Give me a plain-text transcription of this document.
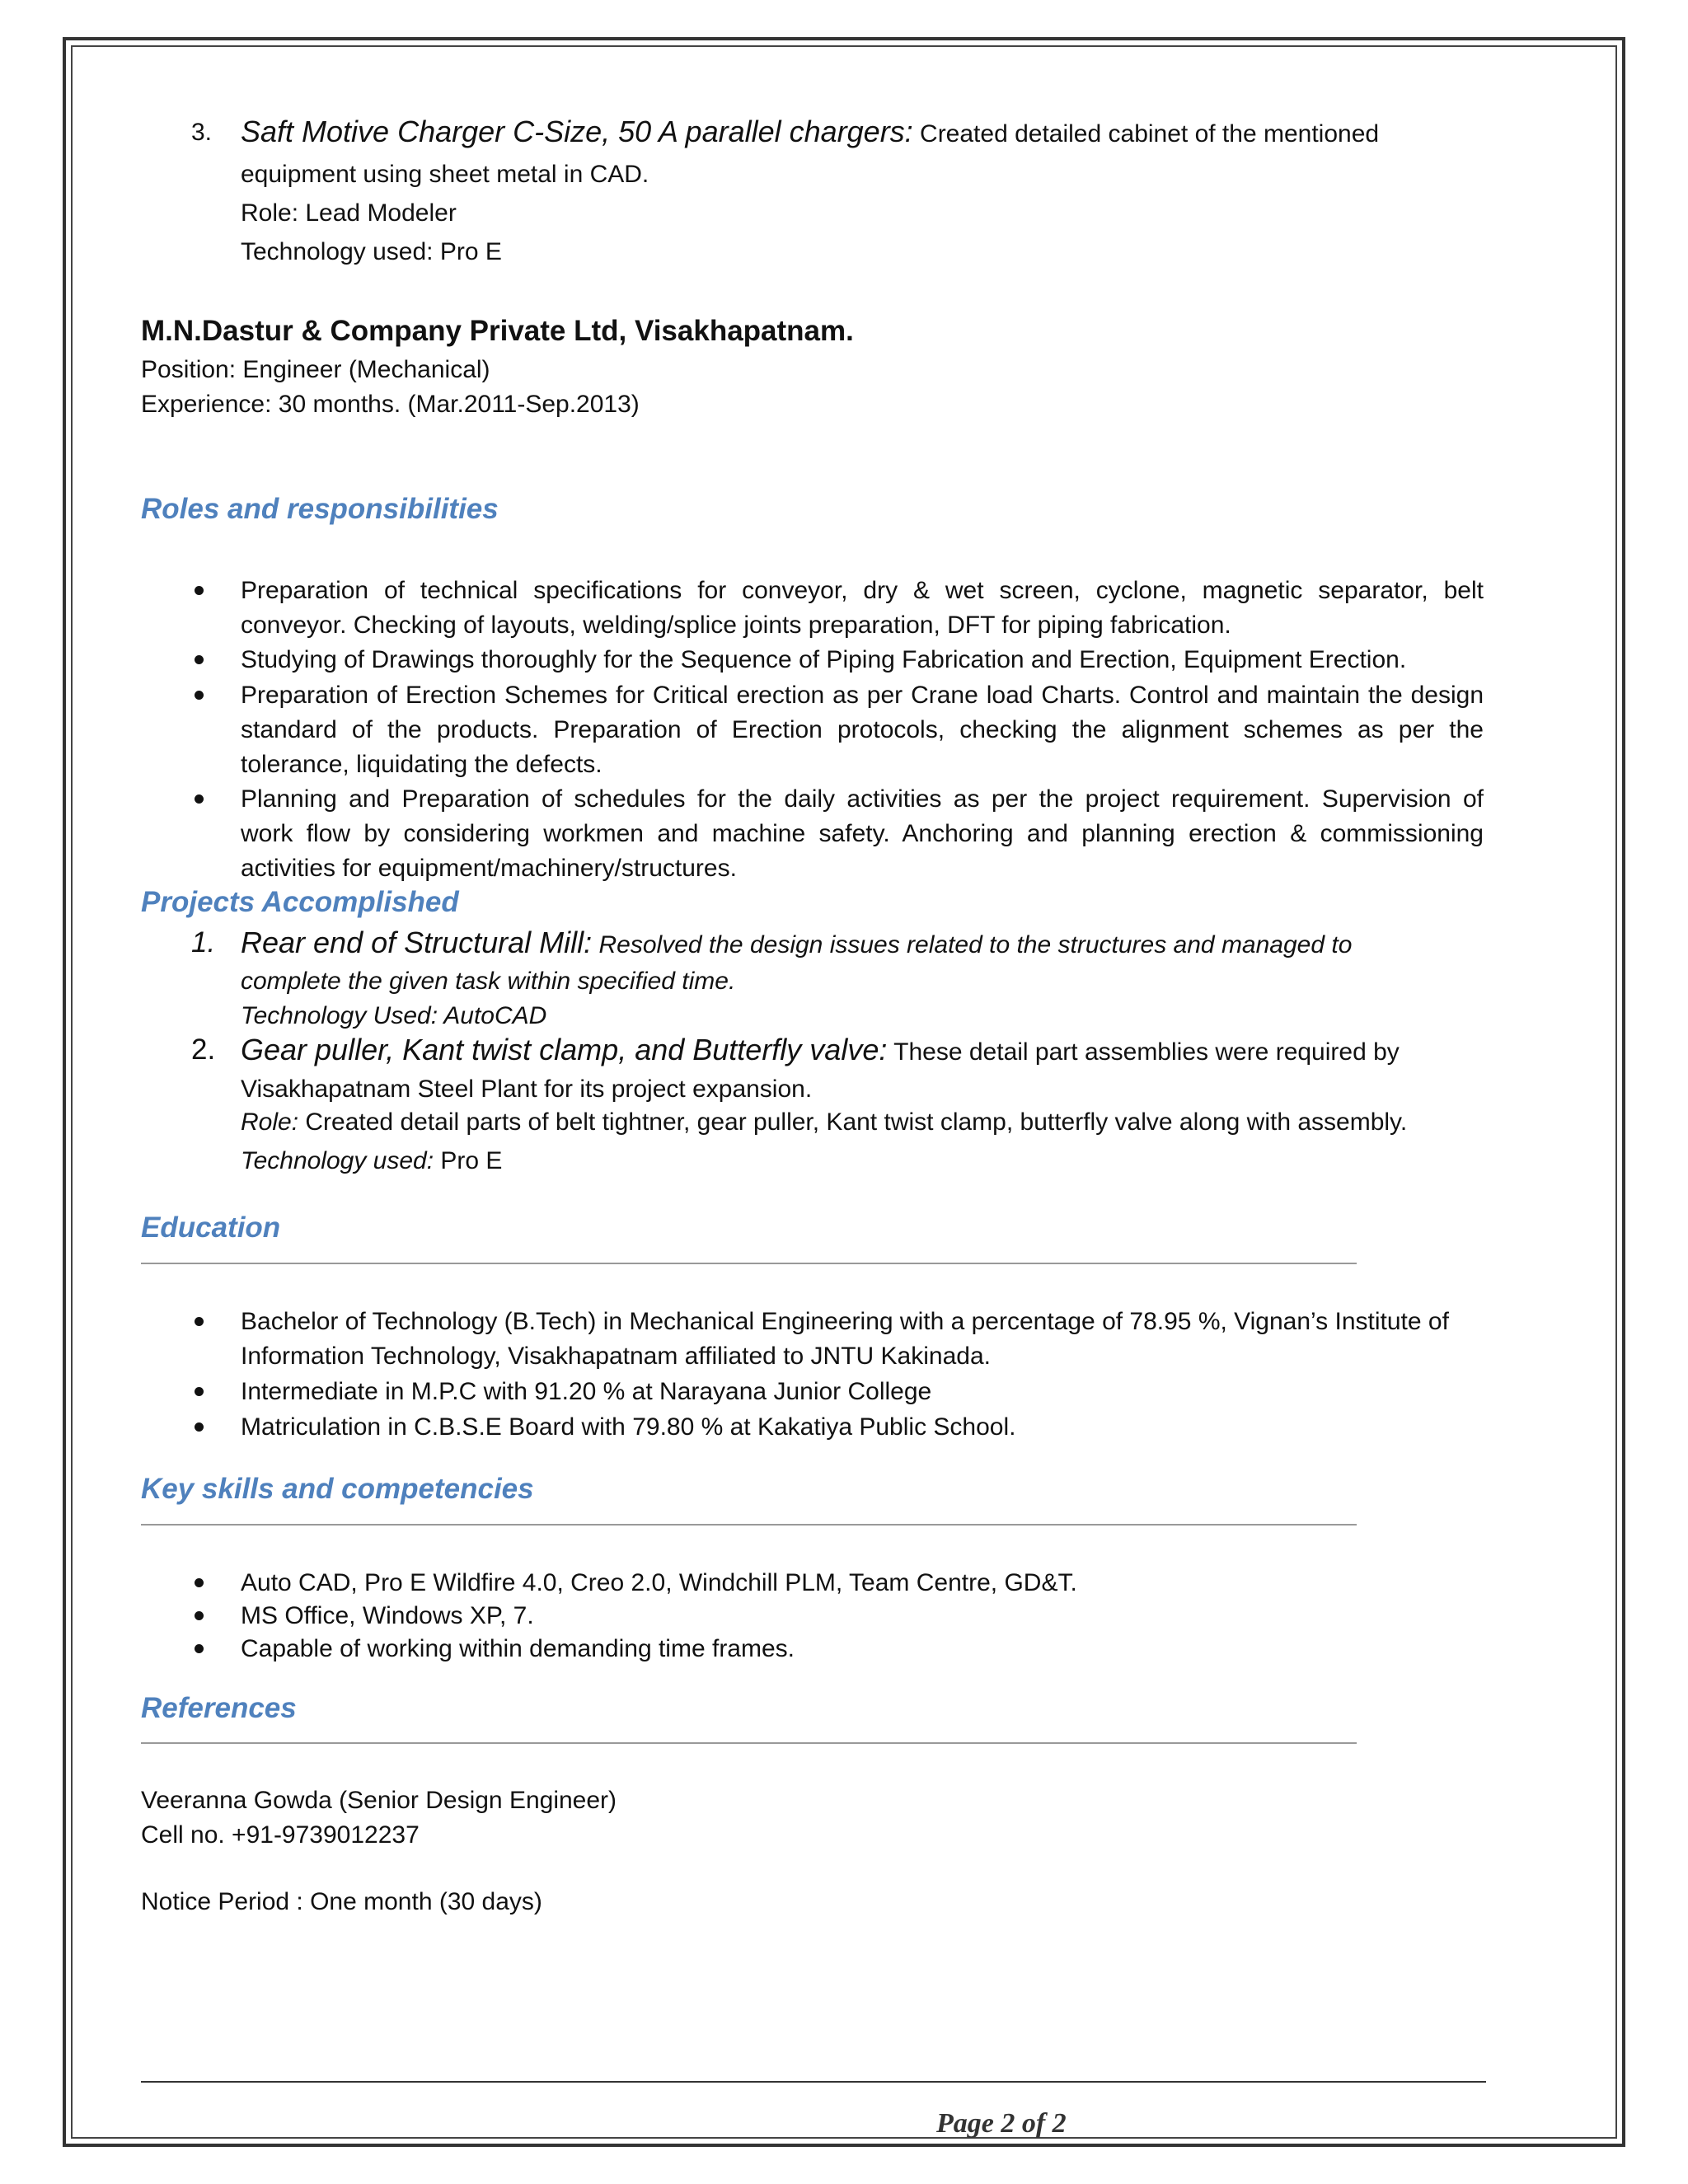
3. Saft Motive Charger C-Size, 50 A parallel chargers: Created detailed cabinet of the mentioned
equipment using sheet metal in CAD.
Role: Lead Modeler
Technology used: Pro E
M.N.Dastur & Company Private Ltd, Visakhapatnam.
Position: Engineer (Mechanical)
Experience: 30 months. (Mar.2011-Sep.2013)
Roles and responsibilities
Preparation of technical specifications for conveyor, dry & wet screen, cyclone, magnetic separator, belt
conveyor. Checking of layouts, welding/splice joints preparation, DFT for piping fabrication.
Studying of Drawings thoroughly for the Sequence of Piping Fabrication and Erection, Equipment Erection.
Preparation of Erection Schemes for Critical erection as per Crane load Charts. Control and maintain the design
standard of the products. Preparation of Erection protocols, checking the alignment schemes as per the
tolerance, liquidating the defects.
Planning and Preparation of schedules for the daily activities as per the project requirement. Supervision of
work flow by considering workmen and machine safety. Anchoring and planning erection & commissioning
activities for equipment/machinery/structures.
Projects Accomplished
1. Rear end of Structural Mill: Resolved the design issues related to the structures and managed to
complete the given task within specified time.
Technology Used: AutoCAD
2. Gear puller, Kant twist clamp, and Butterfly valve: These detail part assemblies were required by
Visakhapatnam Steel Plant for its project expansion.
Role: Created detail parts of belt tightner, gear puller, Kant twist clamp, butterfly valve along with assembly.
Technology used: Pro E
Education
Bachelor of Technology (B.Tech) in Mechanical Engineering with a percentage of 78.95 %, Vignan’s Institute of
Information Technology, Visakhapatnam affiliated to JNTU Kakinada.
Intermediate in M.P.C with 91.20 % at Narayana Junior College
Matriculation in C.B.S.E Board with 79.80 % at Kakatiya Public School.
Key skills and competencies
Auto CAD, Pro E Wildfire 4.0, Creo 2.0, Windchill PLM, Team Centre, GD&T.
MS Office, Windows XP, 7.
Capable of working within demanding time frames.
References
Veeranna Gowda (Senior Design Engineer)
Cell no. +91-9739012237
Notice Period : One month (30 days)
Page 2 of 2
